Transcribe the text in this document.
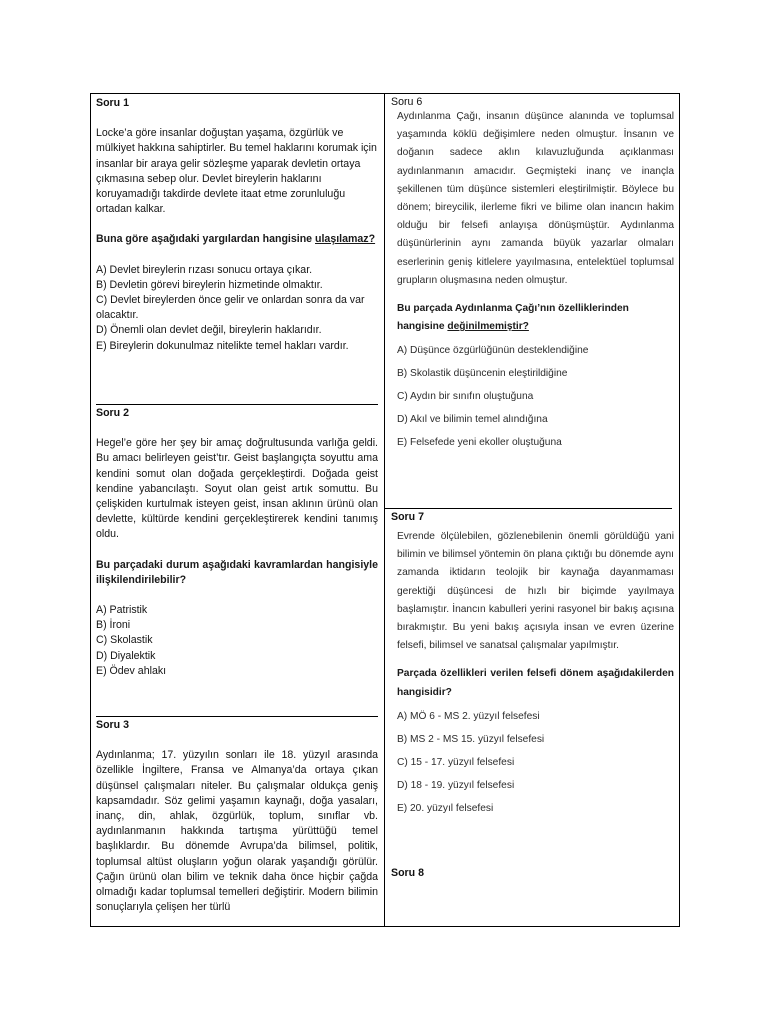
Soru 1

Locke’a göre insanlar doğuştan yaşama, özgürlük ve mülkiyet hakkına sahiptirler. Bu temel haklarını korumak için insanlar bir araya gelir sözleşme yaparak devletin ortaya çıkmasına sebep olur. Devlet bireylerin haklarını koruyamadığı takdirde devlete itaat etme zorunluluğu ortadan kalkar.

Buna göre aşağıdaki yargılardan hangisine ulaşılamaz?

A) Devlet bireylerin rızası sonucu ortaya çıkar.
B) Devletin görevi bireylerin hizmetinde olmaktır.
C) Devlet bireylerden önce gelir ve onlardan sonra da var olacaktır.
D) Önemli olan devlet değil, bireylerin haklarıdır.
E) Bireylerin dokunulmaz nitelikte temel hakları vardır.
Soru 2

Hegel’e göre her şey bir amaç doğrultusunda varlığa geldi. Bu amacı belirleyen geist’tır. Geist başlangıçta soyuttu ama kendini somut olan doğada gerçekleştirdi. Doğada geist kendine yabancılaştı. Soyut olan geist artık somuttu. Bu çelişkiden kurtulmak isteyen geist, insan aklının ürünü olan devlette, kültürde kendini gerçekleştirerek kendini tanımış oldu.

Bu parçadaki durum aşağıdaki kavramlardan hangisiyle ilişkilendirilebilir?

A) Patristik
B) İroni
C) Skolastik
D) Diyalektik
E) Ödev ahlakı
Soru 3

Aydınlanma; 17. yüzyılın sonları ile 18. yüzyıl arasında özellikle İngiltere, Fransa ve Almanya’da ortaya çıkan düşünsel çalışmaları niteler. Bu çalışmalar oldukça geniş kapsamdadır. Söz gelimi yaşamın kaynağı, doğa yasaları, inanç, din, ahlak, özgürlük, toplum, sınıflar vb. aydınlanmanın hakkında tartışma yürüttüğü temel başlıklardır. Bu dönemde Avrupa’da bilimsel, politik, toplumsal altüst oluşların yoğun olarak yaşandığı görülür. Çağın ürünü olan bilim ve teknik daha önce hiçbir çağda olmadığı kadar toplumsal temelleri değiştirir. Modern bilimin sonuçlarıyla çelişen her türlü

Soru 6

Aydınlanma Çağı, insanın düşünce alanında ve toplumsal yaşamında köklü değişimlere neden olmuştur. İnsanın ve doğanın sadece aklın kılavuzluğunda açıklanması aydınlanmanın amacıdır. Geçmişteki inanç ve inançla şekillenen tüm düşünce sistemleri eleştirilmiştir. Böylece bu dönem; bireycilik, ilerleme fikri ve bilime olan inancın hakim olduğu bir felsefi anlayışa dönüşmüştür. Aydınlanma düşünürlerinin aynı zamanda büyük yazarlar olmaları eserlerinin geniş kitlelere yayılmasına, entelektüel toplumsal grupların oluşmasına neden olmuştur.

Bu parçada Aydınlanma Çağı’nın özelliklerinden hangisine değinilmemiştir?

A) Düşünce özgürlüğünün desteklendiğine
B) Skolastik düşüncenin eleştirildiğine
C) Aydın bir sınıfın oluştuğuna
D) Akıl ve bilimin temel alındığına
E) Felsefede yeni ekoller oluştuğuna
Soru 7

Evrende ölçülebilen, gözlenebilenin önemli görüldüğü yani bilimin ve bilimsel yöntemin ön plana çıktığı bu dönemde aynı zamanda iktidarın teolojik bir kaynağa dayanmaması gerektiği düşüncesi de hızlı bir biçimde yayılmaya başlamıştır. İnancın kabulleri yerini rasyonel bir bakış açısına bırakmıştır. Bu yeni bakış açısıyla insan ve evren üzerine felsefi, bilimsel ve sanatsal çalışmalar yapılmıştır.

Parçada özellikleri verilen felsefi dönem aşağıdakilerden hangisidir?

A) MÖ 6 - MS 2. yüzyıl felsefesi
B) MS 2 - MS 15. yüzyıl felsefesi
C) 15 - 17. yüzyıl felsefesi
D) 18 - 19. yüzyıl felsefesi
E) 20. yüzyıl felsefesi
Soru 8
